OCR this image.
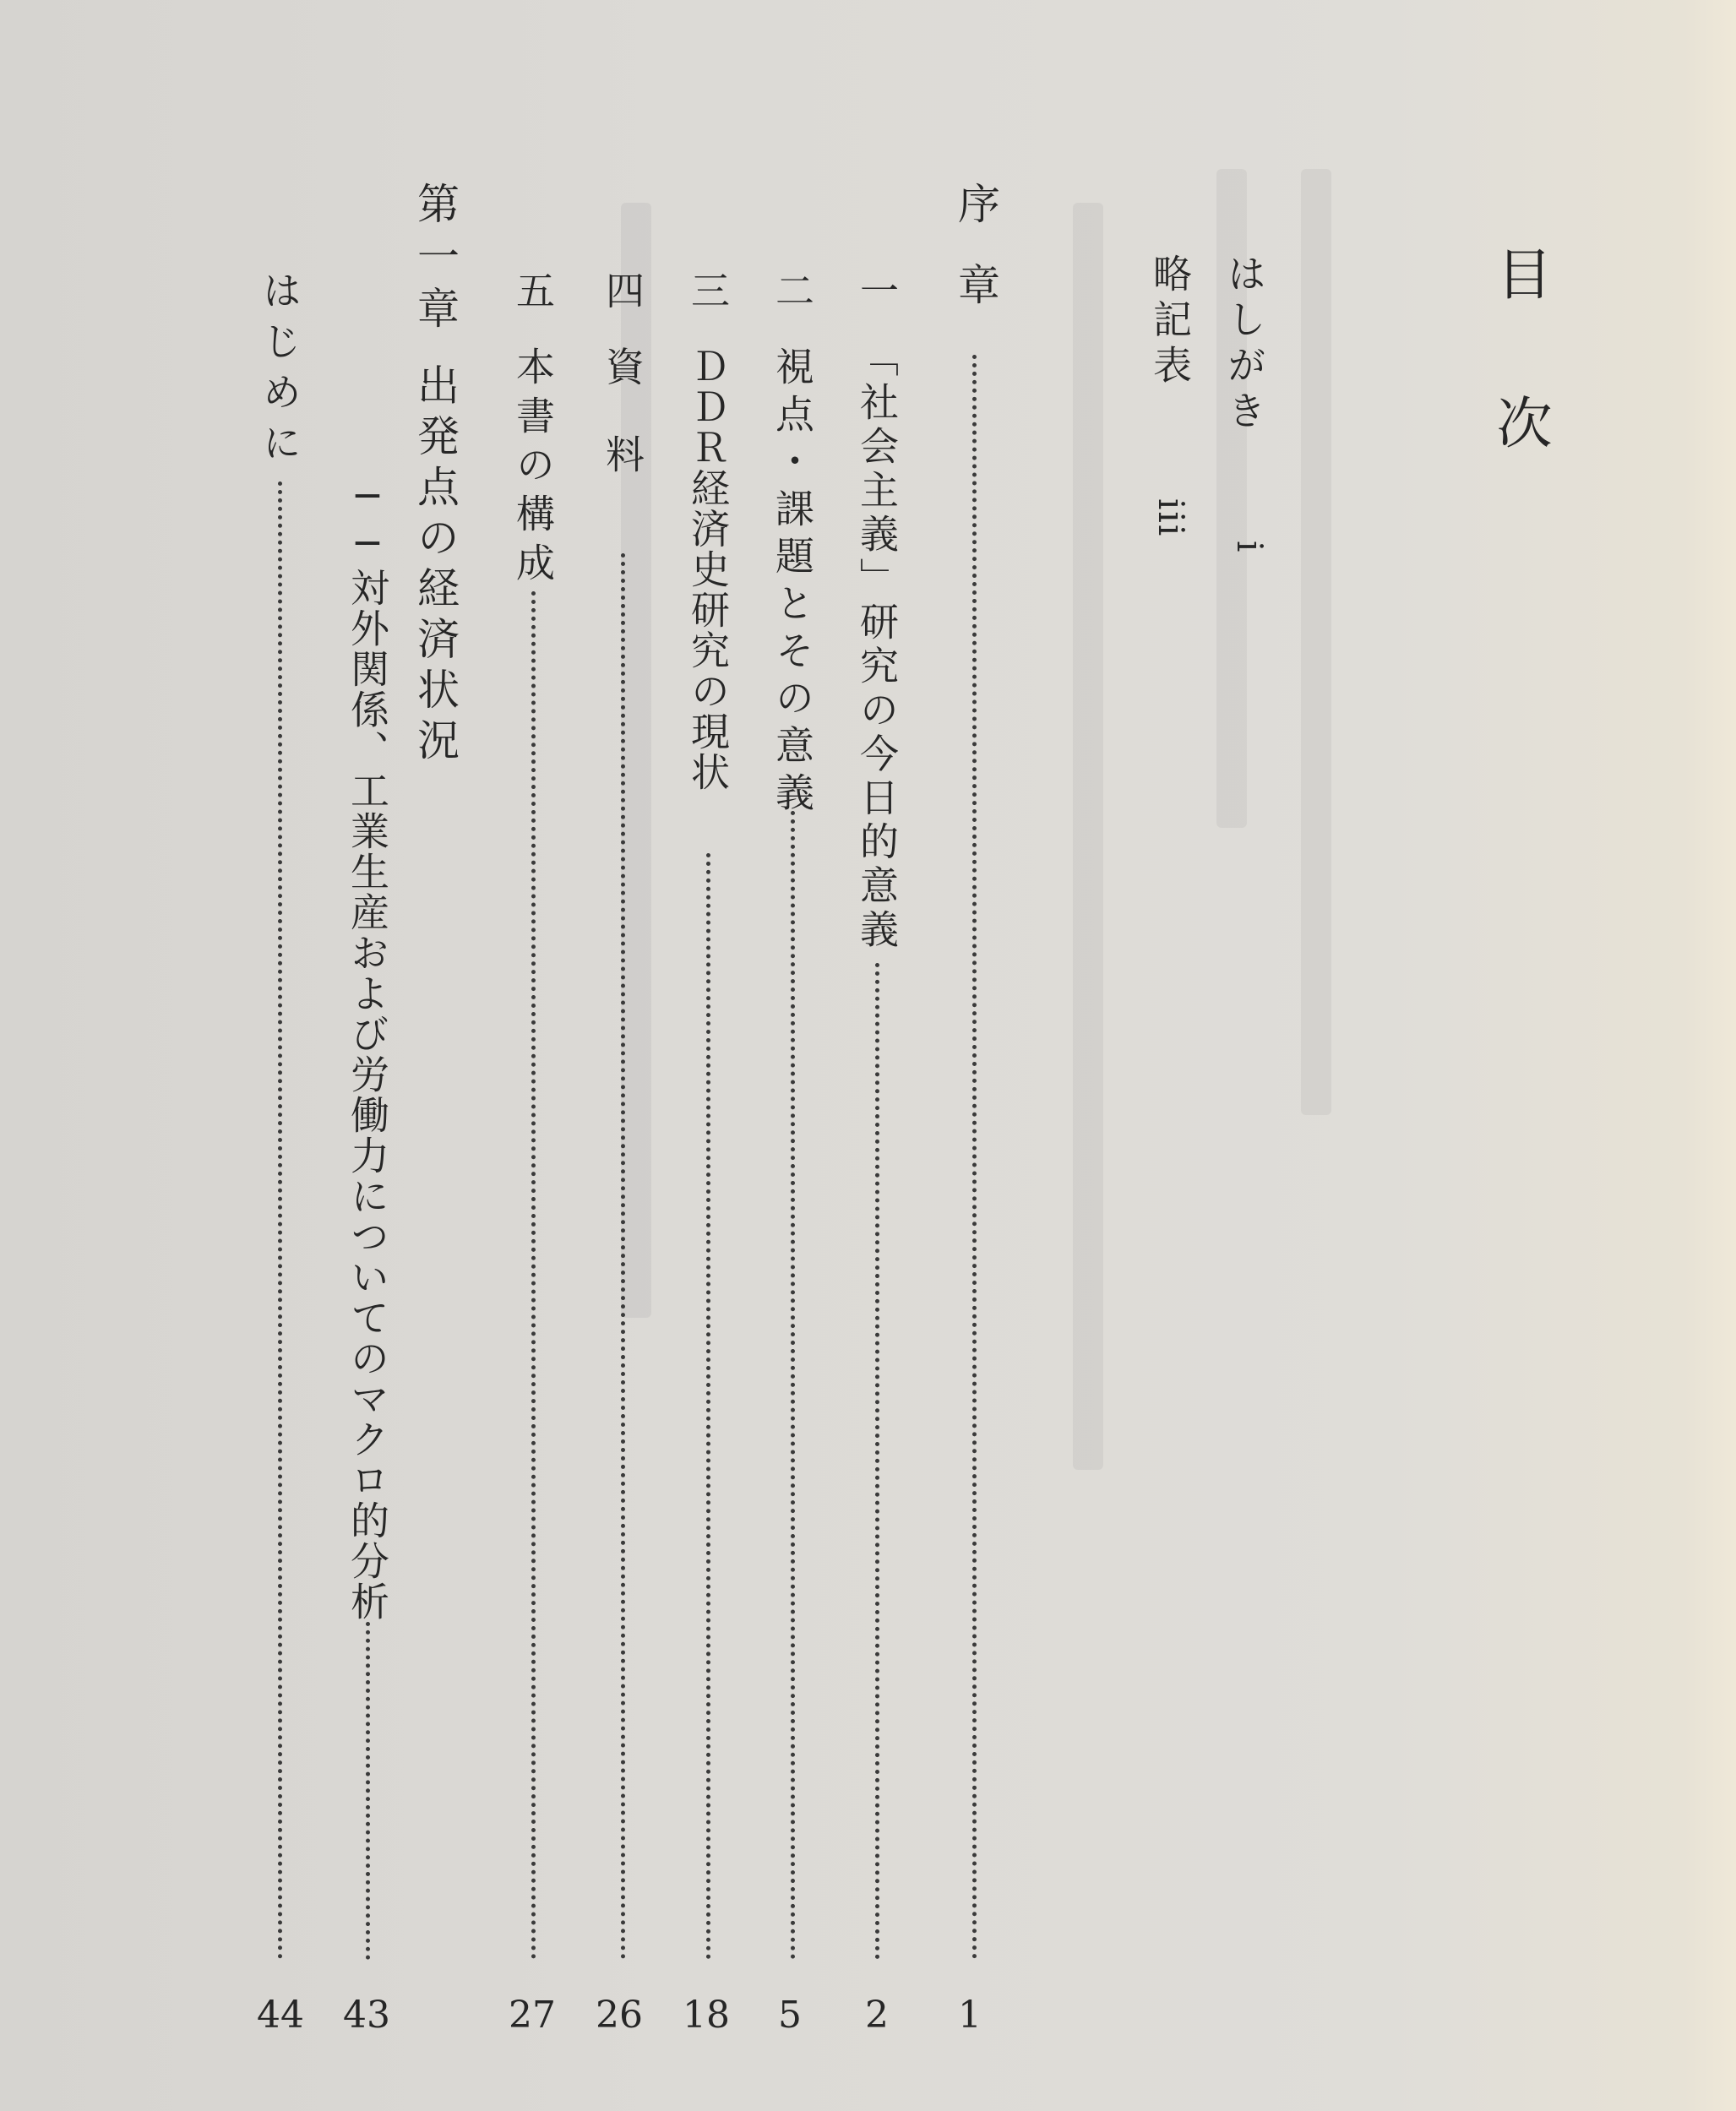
目次
はしがき
i
略記表
iii
序章
1
一
「社会主義」研究の今日的意義
2
二
視点・課題とその意義
5
三
ＤＤＲ経済史研究の現状
18
四
資　料
26
五
本書の構成
27
第一章
出発点の経済状況
──対外関係、工業生産および労働力についてのマクロ的分析
43
はじめに
44
